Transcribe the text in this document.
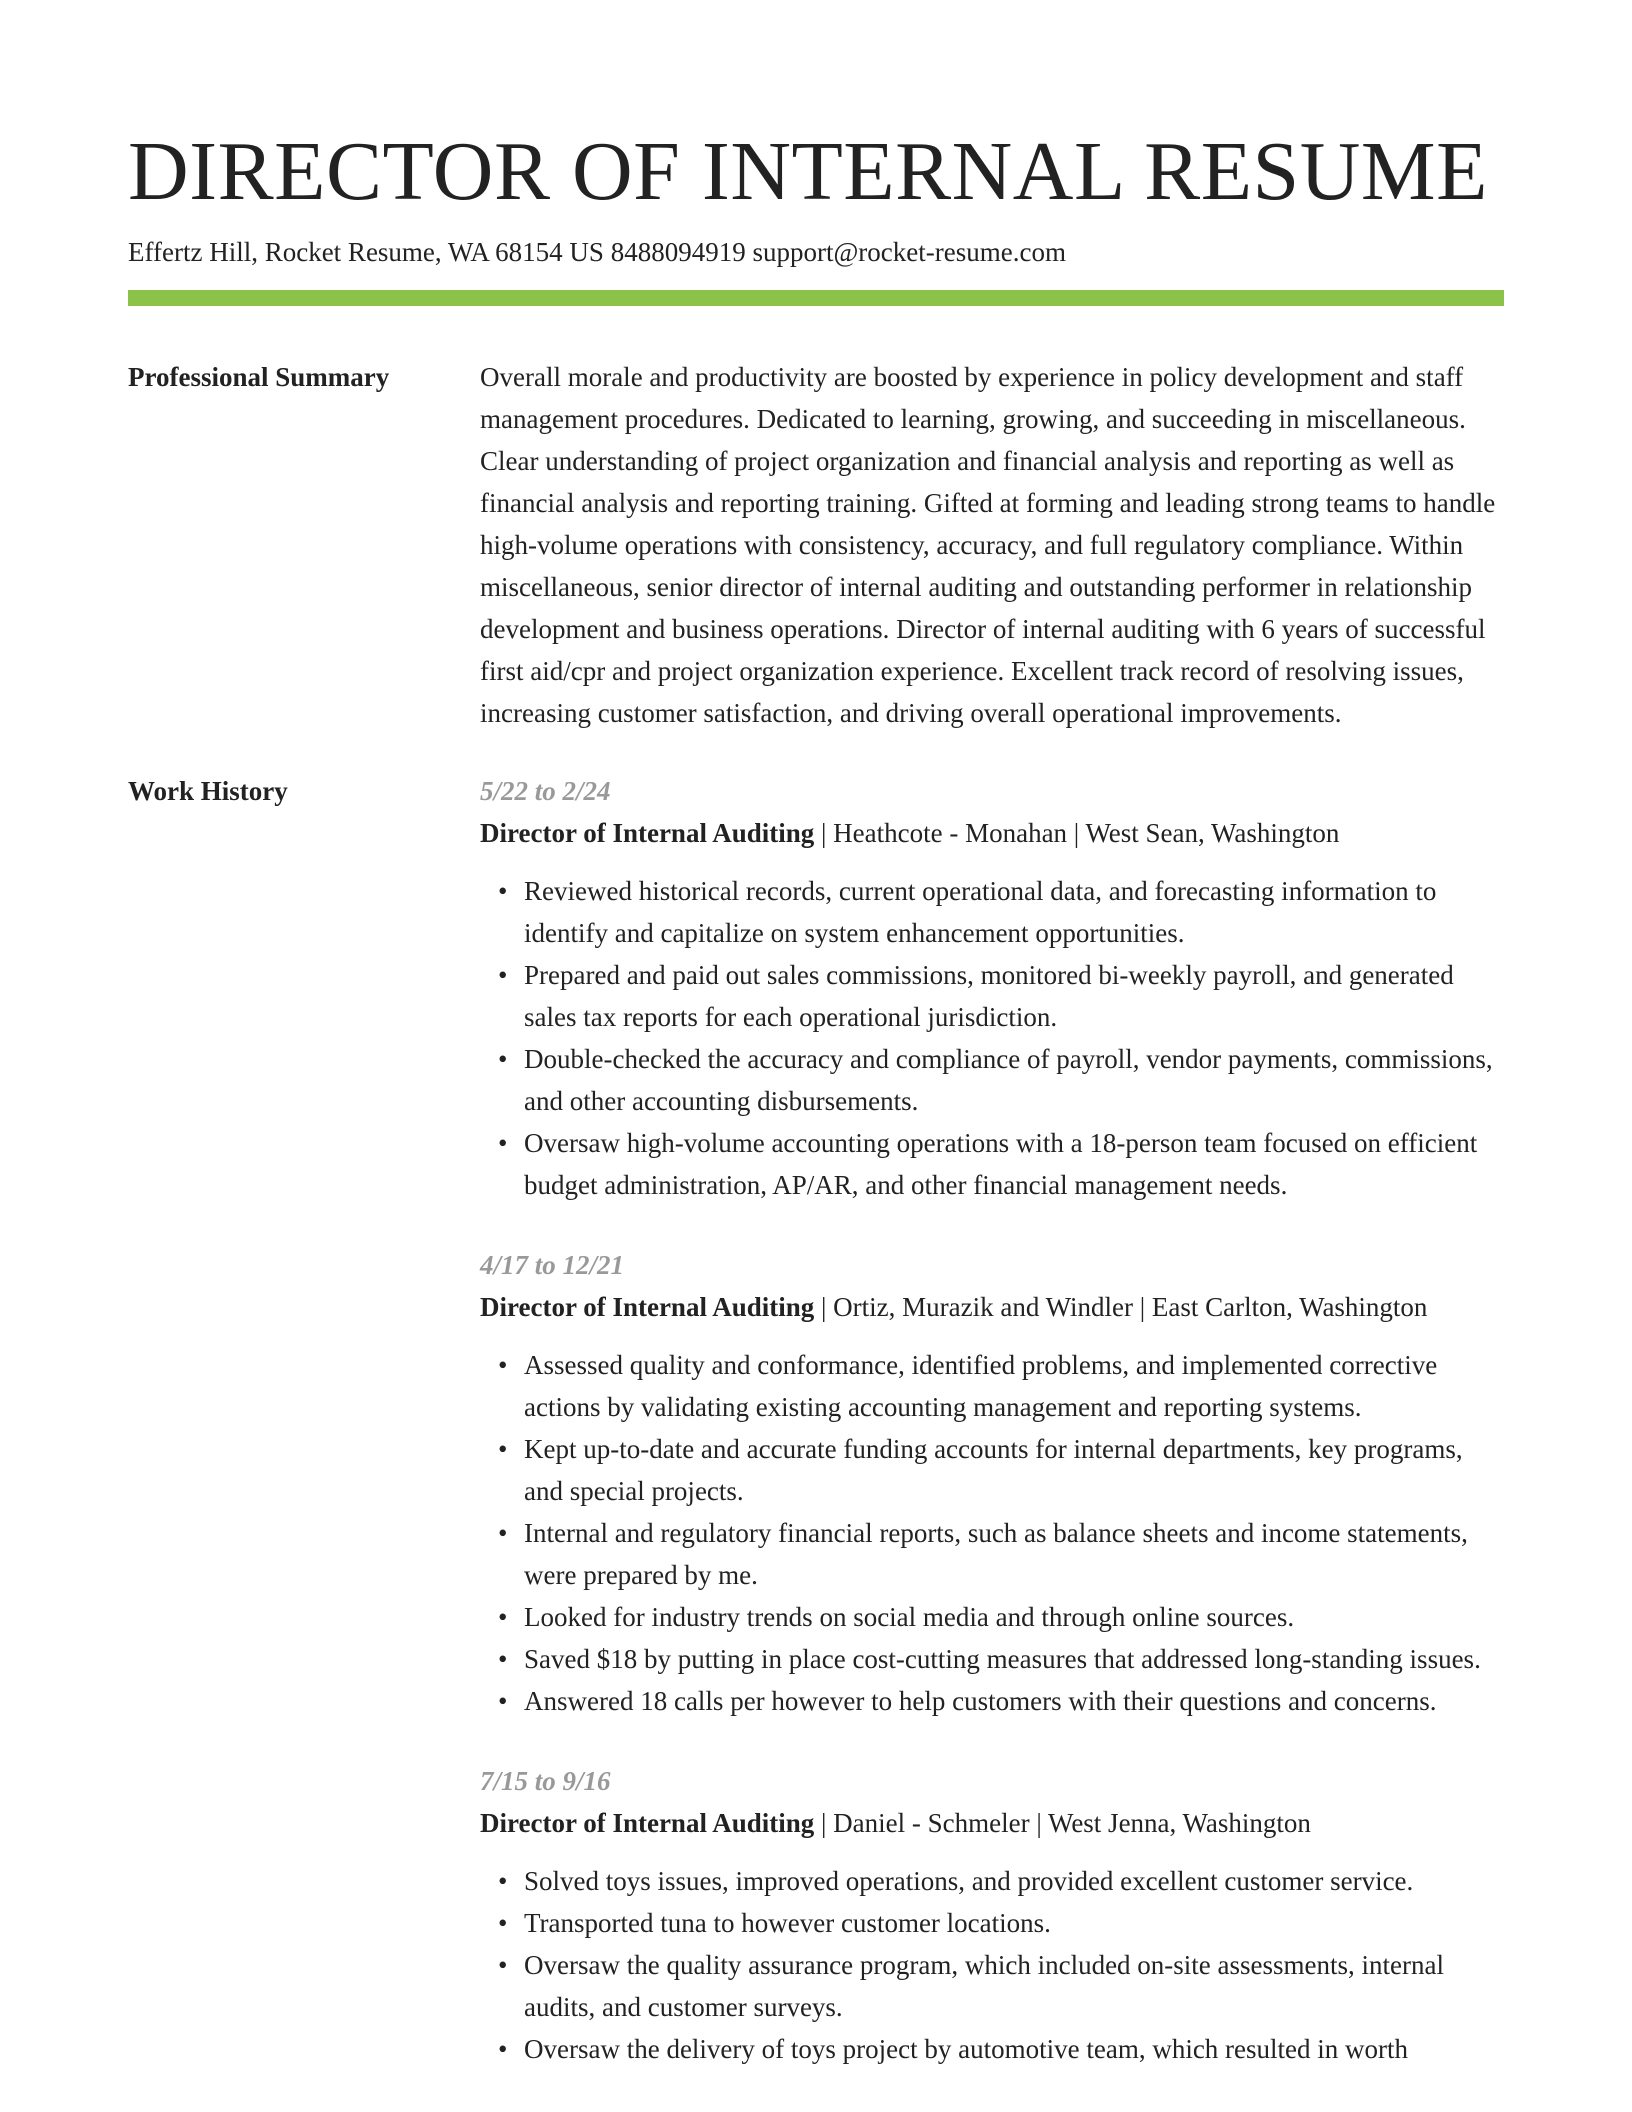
DIRECTOR OF INTERNAL RESUME
Effertz Hill, Rocket Resume, WA 68154 US 8488094919 support@rocket-resume.com
Professional Summary	Overall morale and productivity are boosted by experience in policy development and staff management procedures. Dedicated to learning, growing, and succeeding in miscellaneous. Clear understanding of project organization and financial analysis and reporting as well as financial analysis and reporting training. Gifted at forming and leading strong teams to handle high-volume operations with consistency, accuracy, and full regulatory compliance. Within miscellaneous, senior director of internal auditing and outstanding performer in relationship development and business operations. Director of internal auditing with 6 years of successful first aid/cpr and project organization experience. Excellent track record of resolving issues, increasing customer satisfaction, and driving overall operational improvements.

Work History	5/22 to 2/24
Director of Internal Auditing | Heathcote - Monahan | West Sean, Washington
• Reviewed historical records, current operational data, and forecasting information to identify and capitalize on system enhancement opportunities.
• Prepared and paid out sales commissions, monitored bi-weekly payroll, and generated sales tax reports for each operational jurisdiction.
• Double-checked the accuracy and compliance of payroll, vendor payments, commissions, and other accounting disbursements.
• Oversaw high-volume accounting operations with a 18-person team focused on efficient budget administration, AP/AR, and other financial management needs.
4/17 to 12/21
Director of Internal Auditing | Ortiz, Murazik and Windler | East Carlton, Washington
• Assessed quality and conformance, identified problems, and implemented corrective actions by validating existing accounting management and reporting systems.
• Kept up-to-date and accurate funding accounts for internal departments, key programs, and special projects.
• Internal and regulatory financial reports, such as balance sheets and income statements, were prepared by me.
• Looked for industry trends on social media and through online sources.
• Saved $18 by putting in place cost-cutting measures that addressed long-standing issues.
• Answered 18 calls per however to help customers with their questions and concerns.
7/15 to 9/16
Director of Internal Auditing | Daniel - Schmeler | West Jenna, Washington
• Solved toys issues, improved operations, and provided excellent customer service.
• Transported tuna to however customer locations.
• Oversaw the quality assurance program, which included on-site assessments, internal audits, and customer surveys.
• Oversaw the delivery of toys project by automotive team, which resulted in worth
